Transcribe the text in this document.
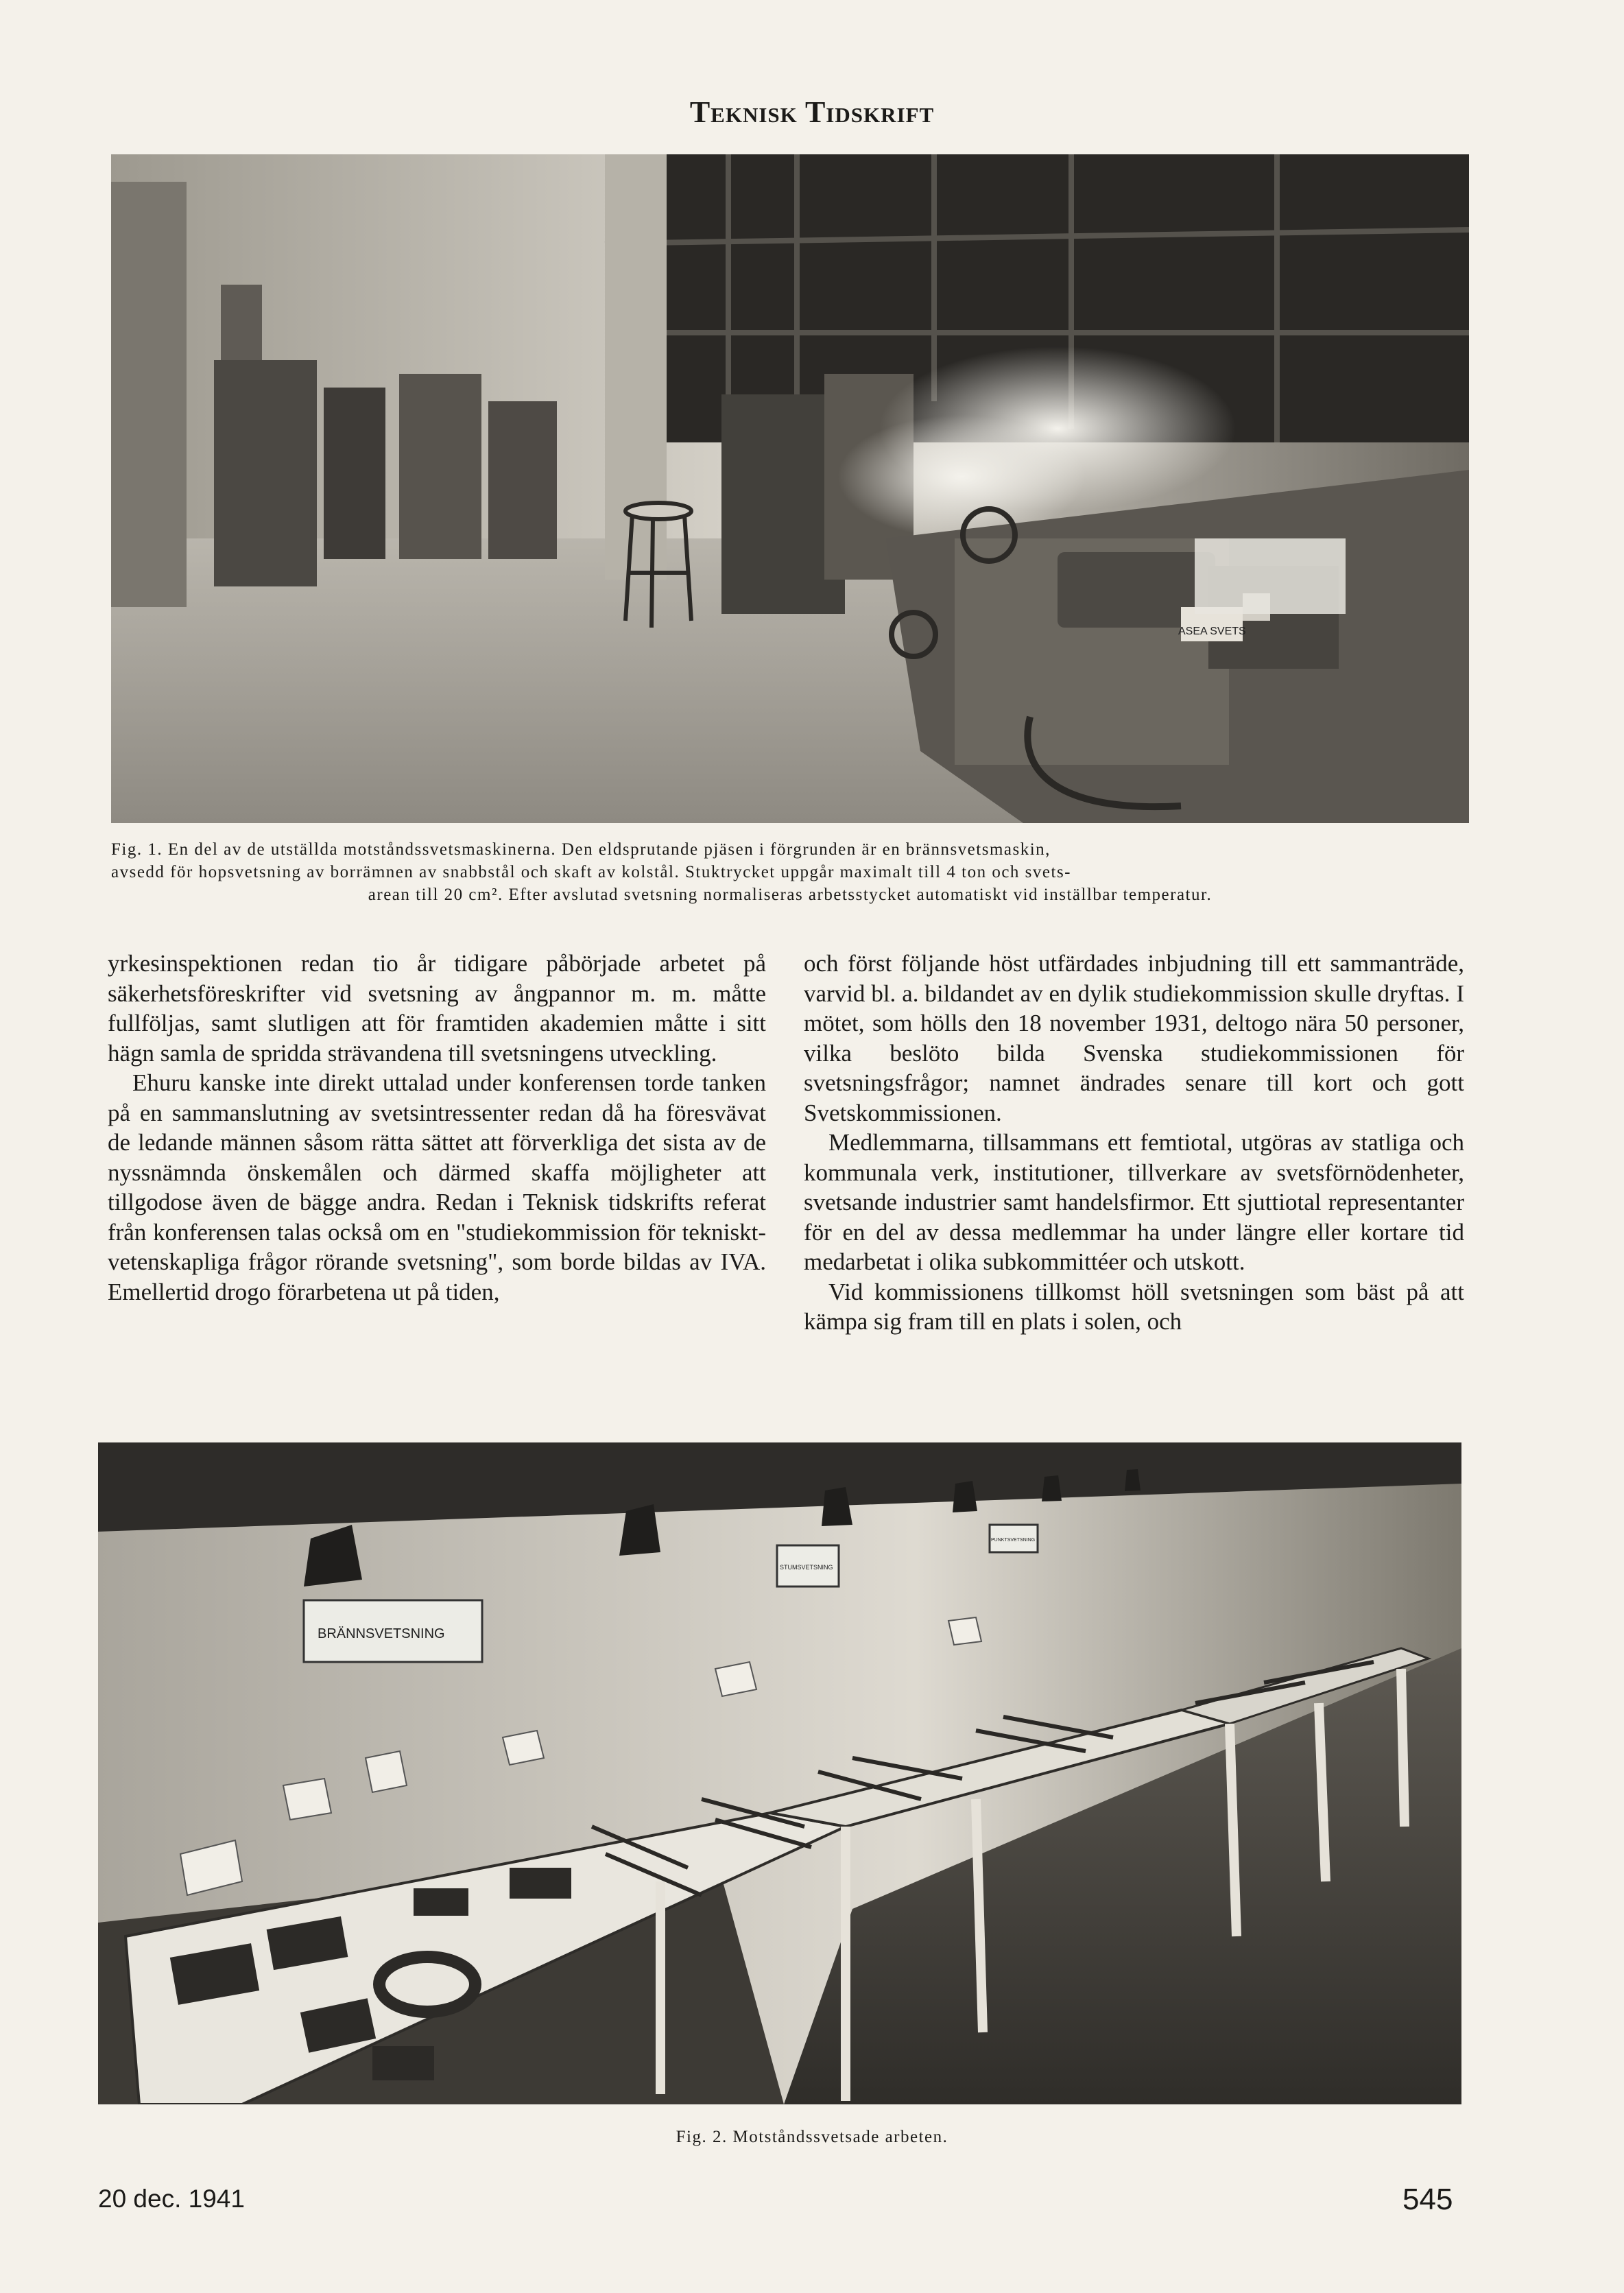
Teknisk Tidskrift
ASEA SVETS
Fig. 1. En del av de utställda motståndssvetsmaskinerna. Den eldsprutande pjäsen i förgrunden är en brännsvetsmaskin,
avsedd för hopsvetsning av borrämnen av snabbstål och skaft av kolstål. Stuktrycket uppgår maximalt till 4 ton och svets-
arean till 20 cm². Efter avslutad svetsning normaliseras arbetsstycket automatiskt vid inställbar temperatur.

yrkesinspektionen redan tio år tidigare påbörjade arbetet på säkerhetsföreskrifter vid svetsning av ångpannor m. m. måtte fullföljas, samt slutligen att för framtiden akademien måtte i sitt hägn samla de spridda strävandena till svetsningens utveckling.

Ehuru kanske inte direkt uttalad under konferensen torde tanken på en sammanslutning av svetsintressenter redan då ha föresvävat de ledande männen såsom rätta sättet att förverkliga det sista av de nyssnämnda önskemålen och därmed skaffa möjligheter att tillgodose även de bägge andra. Redan i Teknisk tidskrifts referat från konferensen talas också om en "studiekommission för tekniskt-vetenskapliga frågor rörande svetsning", som borde bildas av IVA. Emellertid drogo förarbetena ut på tiden,

och först följande höst utfärdades inbjudning till ett sammanträde, varvid bl. a. bildandet av en dylik studiekommission skulle dryftas. I mötet, som hölls den 18 november 1931, deltogo nära 50 personer, vilka beslöto bilda Svenska studiekommissionen för svetsningsfrågor; namnet ändrades senare till kort och gott Svetskommissionen.

Medlemmarna, tillsammans ett femtiotal, utgöras av statliga och kommunala verk, institutioner, tillverkare av svetsförnödenheter, svetsande industrier samt handelsfirmor. Ett sjuttiotal representanter för en del av dessa medlemmar ha under längre eller kortare tid medarbetat i olika subkommittéer och utskott.

Vid kommissionens tillkomst höll svetsningen som bäst på att kämpa sig fram till en plats i solen, och

BRÄNNSVETSNING
STUMSVETSNING
PUNKTSVETSNING
Fig. 2. Motståndssvetsade arbeten.
20 dec. 1941	545
